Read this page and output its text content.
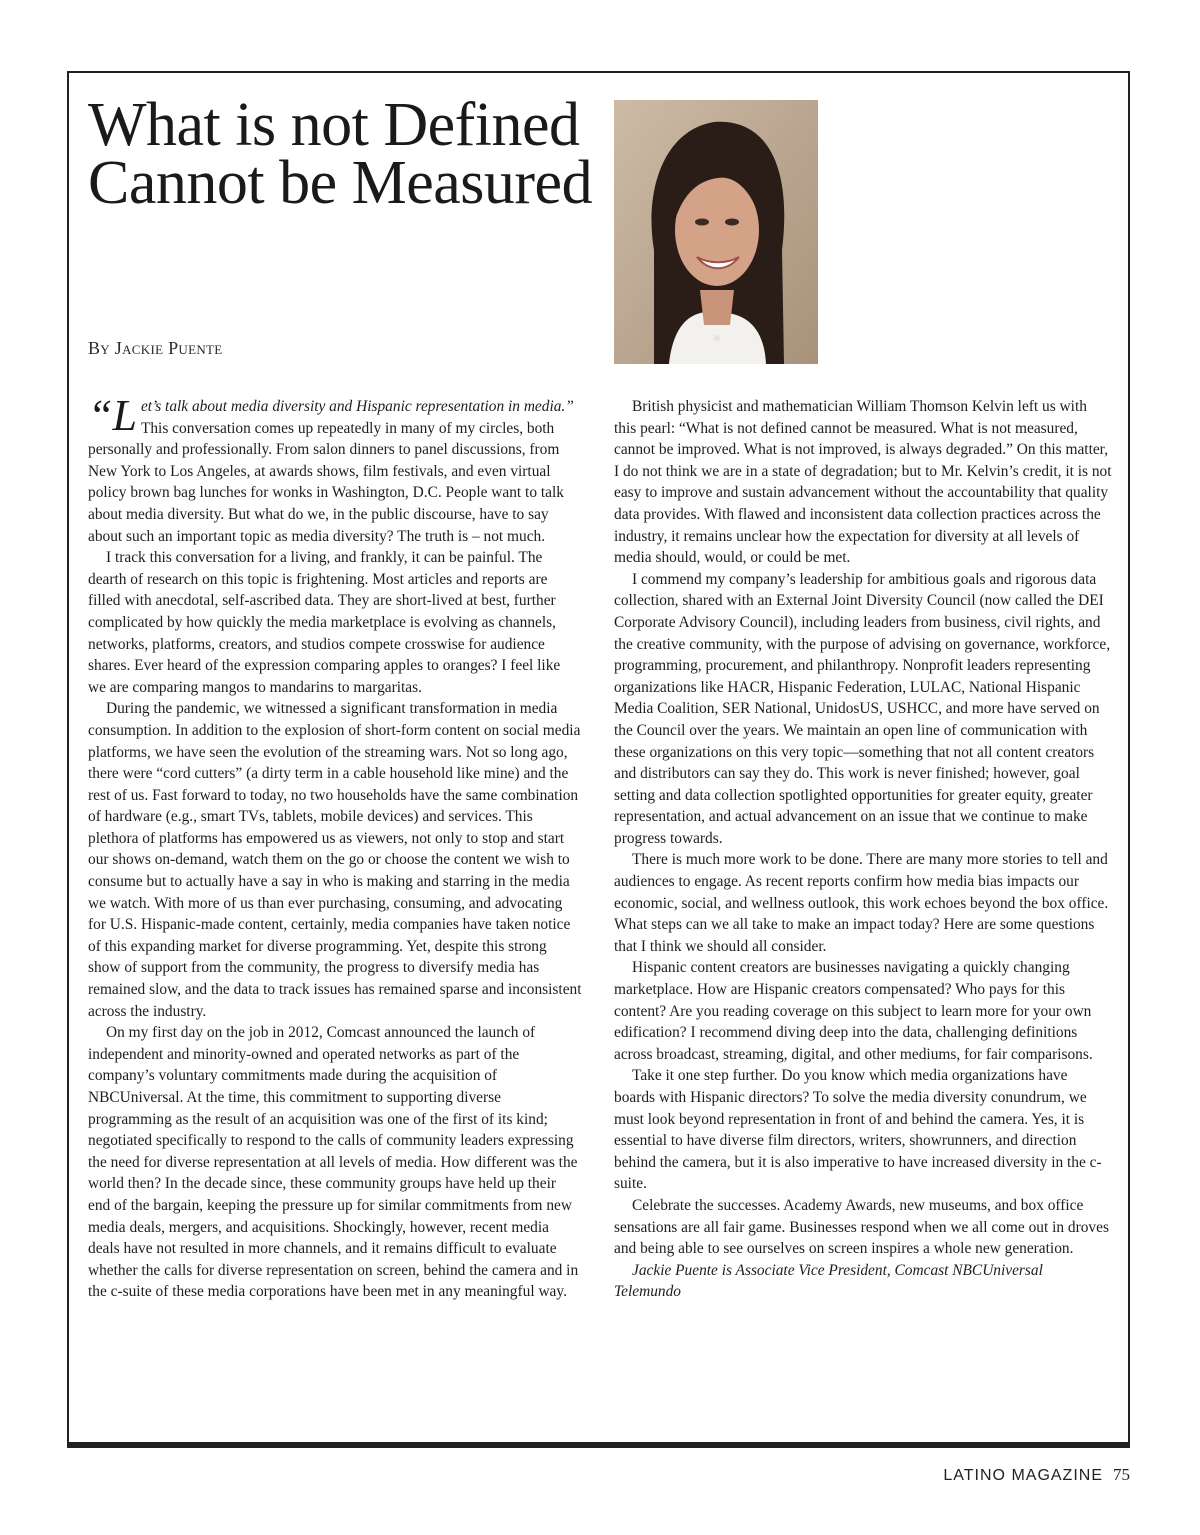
What is not Defined Cannot be Measured
By Jackie Puente

“Let’s talk about media diversity and Hispanic representation in media.” This conversation comes up repeatedly in many of my circles, both personally and professionally. From salon dinners to panel discussions, from New York to Los Angeles, at awards shows, film festivals, and even virtual policy brown bag lunches for wonks in Washington, D.C. People want to talk about media diversity. But what do we, in the public discourse, have to say about such an important topic as media diversity? The truth is – not much.

I track this conversation for a living, and frankly, it can be painful. The dearth of research on this topic is frightening. Most articles and reports are filled with anecdotal, self-ascribed data. They are short-lived at best, further complicated by how quickly the media marketplace is evolving as channels, networks, platforms, creators, and studios compete crosswise for audience shares. Ever heard of the expression comparing apples to oranges? I feel like we are comparing mangos to mandarins to margaritas.

During the pandemic, we witnessed a significant transformation in media consumption. In addition to the explosion of short-form content on social media platforms, we have seen the evolution of the streaming wars. Not so long ago, there were “cord cutters” (a dirty term in a cable household like mine) and the rest of us. Fast forward to today, no two households have the same combination of hardware (e.g., smart TVs, tablets, mobile devices) and services. This plethora of platforms has empowered us as viewers, not only to stop and start our shows on-demand, watch them on the go or choose the content we wish to consume but to actually have a say in who is making and starring in the media we watch. With more of us than ever purchasing, consuming, and advocating for U.S. Hispanic-made content, certainly, media companies have taken notice of this expanding market for diverse programming. Yet, despite this strong show of support from the community, the progress to diversify media has remained slow, and the data to track issues has remained sparse and inconsistent across the industry.

On my first day on the job in 2012, Comcast announced the launch of independent and minority-owned and operated networks as part of the company’s voluntary commitments made during the acquisition of NBCUniversal. At the time, this commitment to supporting diverse programming as the result of an acquisition was one of the first of its kind; negotiated specifically to respond to the calls of community leaders expressing the need for diverse representation at all levels of media. How different was the world then? In the decade since, these community groups have held up their end of the bargain, keeping the pressure up for similar commitments from new media deals, mergers, and acquisitions. Shockingly, however, recent media deals have not resulted in more channels, and it remains difficult to evaluate whether the calls for diverse representation on screen, behind the camera and in the c-suite of these media corporations have been met in any meaningful way.

British physicist and mathematician William Thomson Kelvin left us with this pearl: “What is not defined cannot be measured. What is not measured, cannot be improved. What is not improved, is always degraded.” On this matter, I do not think we are in a state of degradation; but to Mr. Kelvin’s credit, it is not easy to improve and sustain advancement without the accountability that quality data provides. With flawed and inconsistent data collection practices across the industry, it remains unclear how the expectation for diversity at all levels of media should, would, or could be met.

I commend my company’s leadership for ambitious goals and rigorous data collection, shared with an External Joint Diversity Council (now called the DEI Corporate Advisory Council), including leaders from business, civil rights, and the creative community, with the purpose of advising on governance, workforce, programming, procurement, and philanthropy. Nonprofit leaders representing organizations like HACR, Hispanic Federation, LULAC, National Hispanic Media Coalition, SER National, UnidosUS, USHCC, and more have served on the Council over the years. We maintain an open line of communication with these organizations on this very topic—something that not all content creators and distributors can say they do. This work is never finished; however, goal setting and data collection spotlighted opportunities for greater equity, greater representation, and actual advancement on an issue that we continue to make progress towards.

There is much more work to be done. There are many more stories to tell and audiences to engage. As recent reports confirm how media bias impacts our economic, social, and wellness outlook, this work echoes beyond the box office. What steps can we all take to make an impact today? Here are some questions that I think we should all consider.

Hispanic content creators are businesses navigating a quickly changing marketplace. How are Hispanic creators compensated? Who pays for this content? Are you reading coverage on this subject to learn more for your own edification? I recommend diving deep into the data, challenging definitions across broadcast, streaming, digital, and other mediums, for fair comparisons.

Take it one step further. Do you know which media organizations have boards with Hispanic directors? To solve the media diversity conundrum, we must look beyond representation in front of and behind the camera. Yes, it is essential to have diverse film directors, writers, showrunners, and direction behind the camera, but it is also imperative to have increased diversity in the c-suite.

Celebrate the successes. Academy Awards, new museums, and box office sensations are all fair game. Businesses respond when we all come out in droves and being able to see ourselves on screen inspires a whole new generation.

Jackie Puente is Associate Vice President, Comcast NBCUniversal Telemundo

LATINO MAGAZINE 75
